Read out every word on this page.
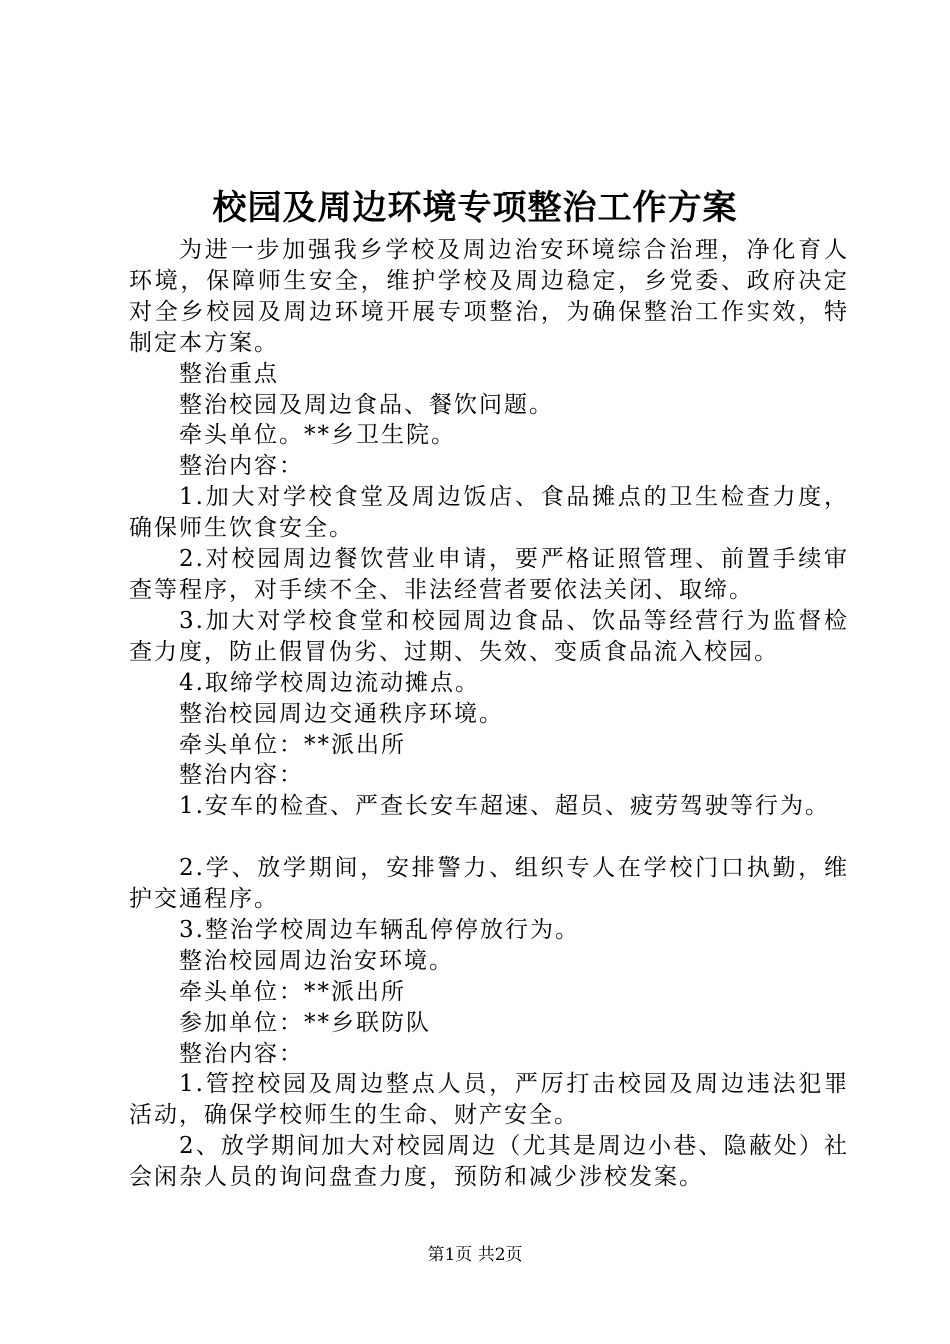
校园及周边环境专项整治工作方案

为进一步加强我乡学校及周边治安环境综合治理，净化育人环境，保障师生安全，维护学校及周边稳定，乡党委、政府决定对全乡校园及周边环境开展专项整治，为确保整治工作实效，特制定本方案。

整治重点

整治校园及周边食品、餐饮问题。

牵头单位。**乡卫生院。

整治内容：

1.加大对学校食堂及周边饭店、食品摊点的卫生检查力度，确保师生饮食安全。

2.对校园周边餐饮营业申请，要严格证照管理、前置手续审查等程序，对手续不全、非法经营者要依法关闭、取缔。

3.加大对学校食堂和校园周边食品、饮品等经营行为监督检查力度，防止假冒伪劣、过期、失效、变质食品流入校园。

4.取缔学校周边流动摊点。

整治校园周边交通秩序环境。

牵头单位：**派出所

整治内容：

1.安车的检查、严查长安车超速、超员、疲劳驾驶等行为。

2.学、放学期间，安排警力、组织专人在学校门口执勤，维护交通程序。

3.整治学校周边车辆乱停停放行为。

整治校园周边治安环境。

牵头单位：**派出所

参加单位：**乡联防队

整治内容：

1.管控校园及周边整点人员，严厉打击校园及周边违法犯罪活动，确保学校师生的生命、财产安全。

2、放学期间加大对校园周边（尤其是周边小巷、隐蔽处）社会闲杂人员的询问盘查力度，预防和减少涉校发案。

第1页 共2页
